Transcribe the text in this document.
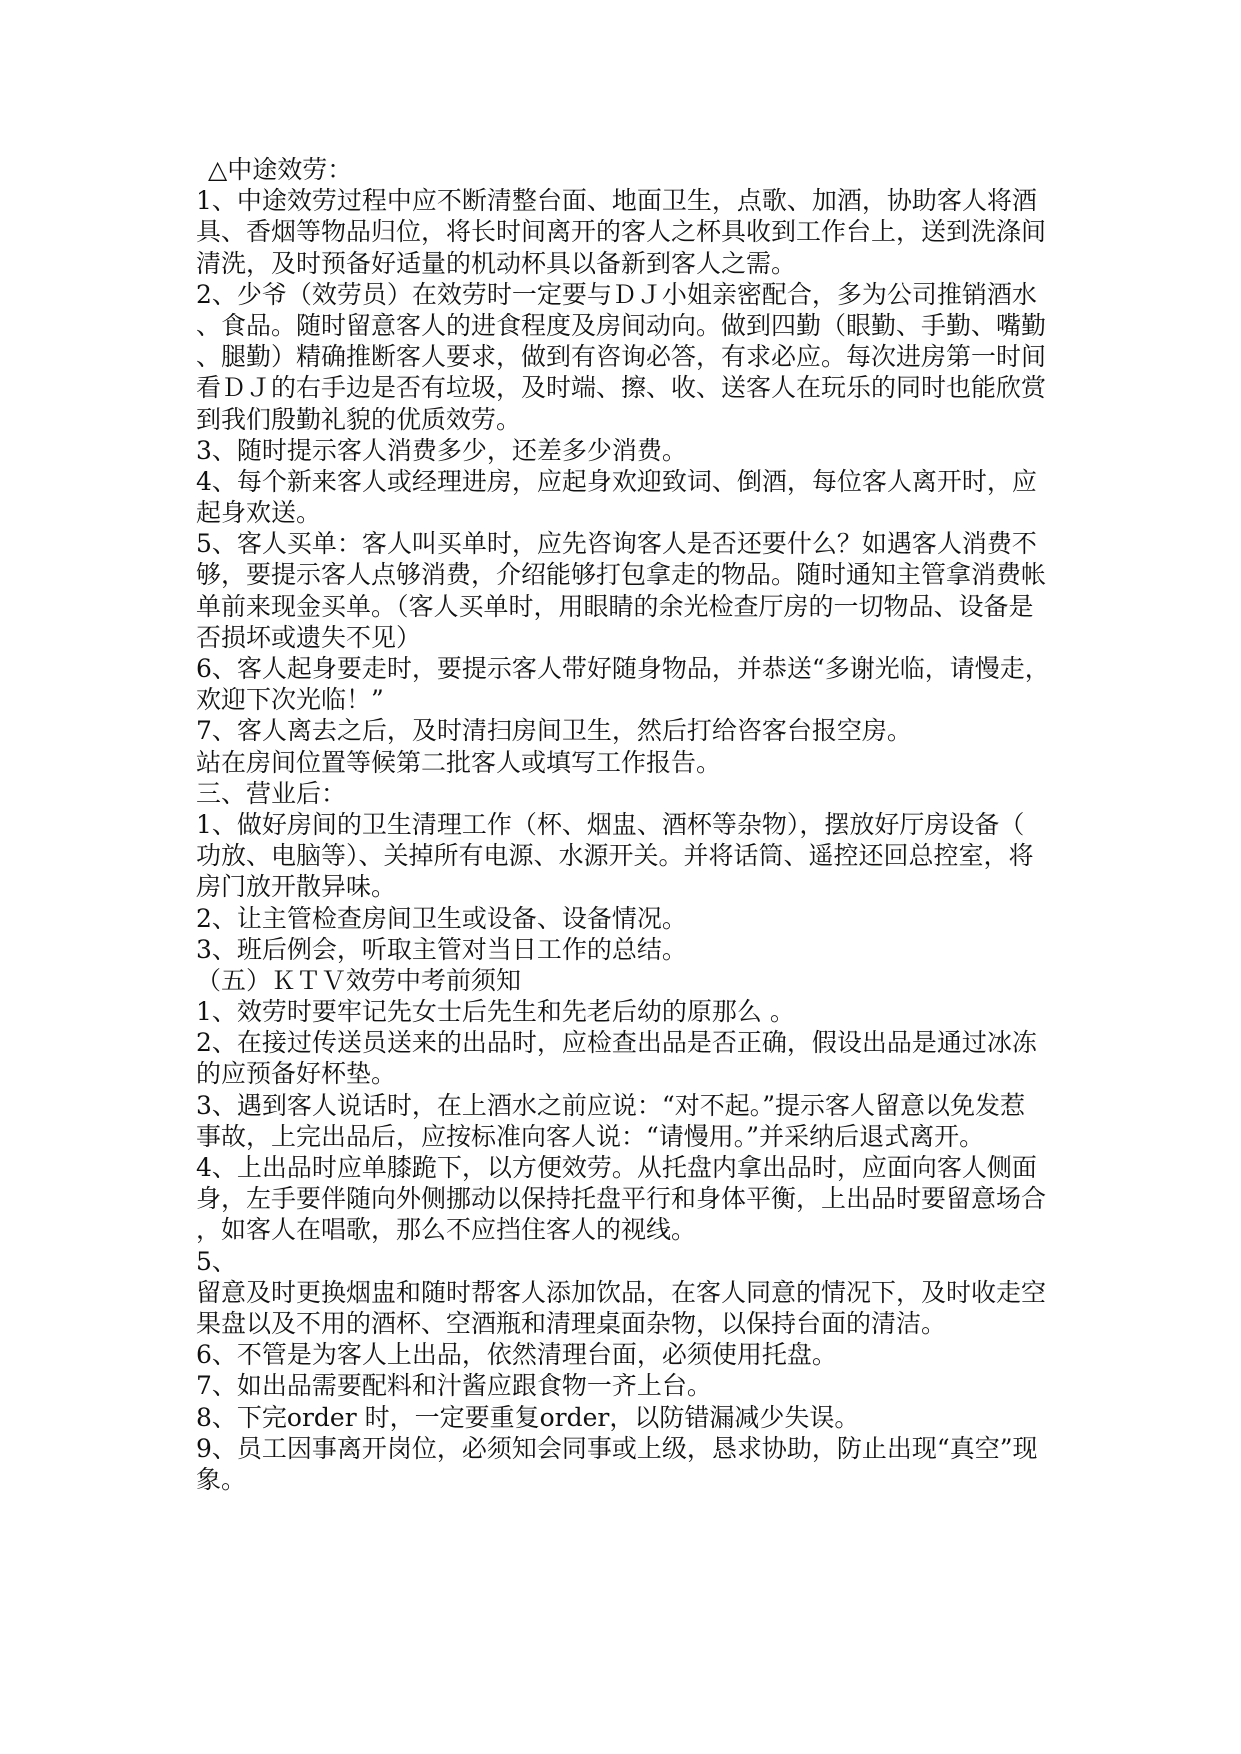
△中途效劳：
1、中途效劳过程中应不断清整台面、地面卫生，点歌、加酒，协助客人将酒
具、香烟等物品归位，将长时间离开的客人之杯具收到工作台上，送到洗涤间
清洗，及时预备好适量的机动杯具以备新到客人之需。
2、少爷（效劳员）在效劳时一定要与ＤＪ小姐亲密配合，多为公司推销酒水
、食品。随时留意客人的进食程度及房间动向。做到四勤（眼勤、手勤、嘴勤
、腿勤）精确推断客人要求，做到有咨询必答，有求必应。每次进房第一时间
看ＤＪ的右手边是否有垃圾，及时端、擦、收、送客人在玩乐的同时也能欣赏
到我们殷勤礼貌的优质效劳。
3、随时提示客人消费多少，还差多少消费。
4、每个新来客人或经理进房，应起身欢迎致词、倒酒，每位客人离开时，应
起身欢送。
5、客人买单：客人叫买单时，应先咨询客人是否还要什么？如遇客人消费不
够，要提示客人点够消费，介绍能够打包拿走的物品。随时通知主管拿消费帐
单前来现金买单。（客人买单时，用眼睛的余光检查厅房的一切物品、设备是
否损坏或遗失不见）
6、客人起身要走时，要提示客人带好随身物品，并恭送“多谢光临，请慢走，
欢迎下次光临！”
7、客人离去之后，及时清扫房间卫生，然后打给咨客台报空房。
站在房间位置等候第二批客人或填写工作报告。
三、营业后：
1、做好房间的卫生清理工作（杯、烟盅、酒杯等杂物），摆放好厅房设备（
功放、电脑等）、关掉所有电源、水源开关。并将话筒、遥控还回总控室，将
房门放开散异味。
2、让主管检查房间卫生或设备、设备情况。
3、班后例会，听取主管对当日工作的总结。
（五）ＫＴＶ效劳中考前须知
1、效劳时要牢记先女士后先生和先老后幼的原那么 。
2、在接过传送员送来的出品时，应检查出品是否正确，假设出品是通过冰冻
的应预备好杯垫。
3、遇到客人说话时，在上酒水之前应说：“对不起。”提示客人留意以免发惹
事故，上完出品后，应按标准向客人说：“请慢用。”并采纳后退式离开。
4、上出品时应单膝跪下，以方便效劳。从托盘内拿出品时，应面向客人侧面
身，左手要伴随向外侧挪动以保持托盘平行和身体平衡，上出品时要留意场合
，如客人在唱歌，那么不应挡住客人的视线。
5、
留意及时更换烟盅和随时帮客人添加饮品，在客人同意的情况下，及时收走空
果盘以及不用的酒杯、空酒瓶和清理桌面杂物，以保持台面的清洁。
6、不管是为客人上出品，依然清理台面，必须使用托盘。
7、如出品需要配料和汁酱应跟食物一齐上台。
8、下完order 时，一定要重复order，以防错漏减少失误。
9、员工因事离开岗位，必须知会同事或上级，恳求协助，防止出现“真空”现
象。
